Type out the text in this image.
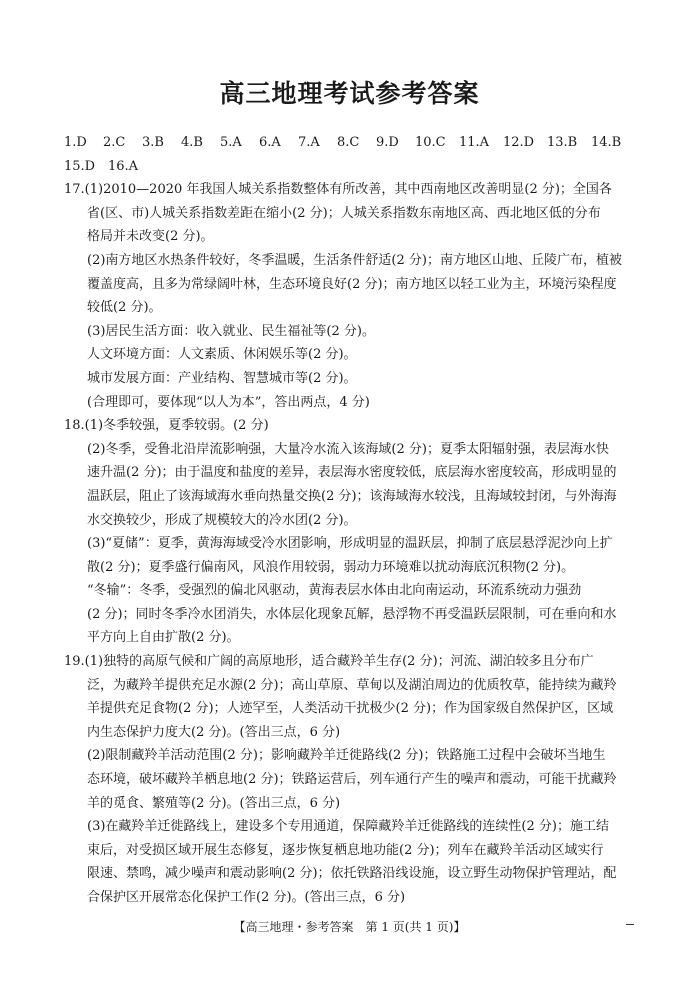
高三地理考试参考答案
1.D 2.C 3.B 4.B 5.A 6.A 7.A 8.C 9.D 10.C 11.A 12.D 13.B 14.B
15.D 16.A
17.(1)2010—2020 年我国人城关系指数整体有所改善，其中西南地区改善明显(2 分)；全国各
省(区、市)人城关系指数差距在缩小(2 分)；人城关系指数东南地区高、西北地区低的分布
格局并未改变(2 分)。
(2)南方地区水热条件较好，冬季温暖，生活条件舒适(2 分)；南方地区山地、丘陵广布，植被
覆盖度高，且多为常绿阔叶林，生态环境良好(2 分)；南方地区以轻工业为主，环境污染程度
较低(2 分)。
(3)居民生活方面：收入就业、民生福祉等(2 分)。
人文环境方面：人文素质、休闲娱乐等(2 分)。
城市发展方面：产业结构、智慧城市等(2 分)。
(合理即可，要体现“以人为本”，答出两点，4 分)
18.(1)冬季较强，夏季较弱。(2 分)
(2)冬季，受鲁北沿岸流影响强，大量冷水流入该海域(2 分)；夏季太阳辐射强，表层海水快
速升温(2 分)；由于温度和盐度的差异，表层海水密度较低，底层海水密度较高，形成明显的
温跃层，阻止了该海域海水垂向热量交换(2 分)；该海域海水较浅，且海域较封闭，与外海海
水交换较少，形成了规模较大的冷水团(2 分)。
(3)“夏储”：夏季，黄海海域受冷水团影响，形成明显的温跃层，抑制了底层悬浮泥沙向上扩
散(2 分)；夏季盛行偏南风，风浪作用较弱，弱动力环境难以扰动海底沉积物(2 分)。
“冬输”：冬季，受强烈的偏北风驱动，黄海表层水体由北向南运动，环流系统动力强劲
(2 分)；同时冬季冷水团消失，水体层化现象瓦解，悬浮物不再受温跃层限制，可在垂向和水
平方向上自由扩散(2 分)。
19.(1)独特的高原气候和广阔的高原地形，适合藏羚羊生存(2 分)；河流、湖泊较多且分布广
泛，为藏羚羊提供充足水源(2 分)；高山草原、草甸以及湖泊周边的优质牧草，能持续为藏羚
羊提供充足食物(2 分)；人迹罕至，人类活动干扰极少(2 分)；作为国家级自然保护区，区域
内生态保护力度大(2 分)。(答出三点，6 分)
(2)限制藏羚羊活动范围(2 分)；影响藏羚羊迁徙路线(2 分)；铁路施工过程中会破坏当地生
态环境，破坏藏羚羊栖息地(2 分)；铁路运营后，列车通行产生的噪声和震动，可能干扰藏羚
羊的觅食、繁殖等(2 分)。(答出三点，6 分)
(3)在藏羚羊迁徙路线上，建设多个专用通道，保障藏羚羊迁徙路线的连续性(2 分)；施工结
束后，对受损区域开展生态修复，逐步恢复栖息地功能(2 分)；列车在藏羚羊活动区域实行
限速、禁鸣，减少噪声和震动影响(2 分)；依托铁路沿线设施，设立野生动物保护管理站，配
合保护区开展常态化保护工作(2 分)。(答出三点，6 分)
【高三地理・参考答案　第 1 页(共 1 页)】
